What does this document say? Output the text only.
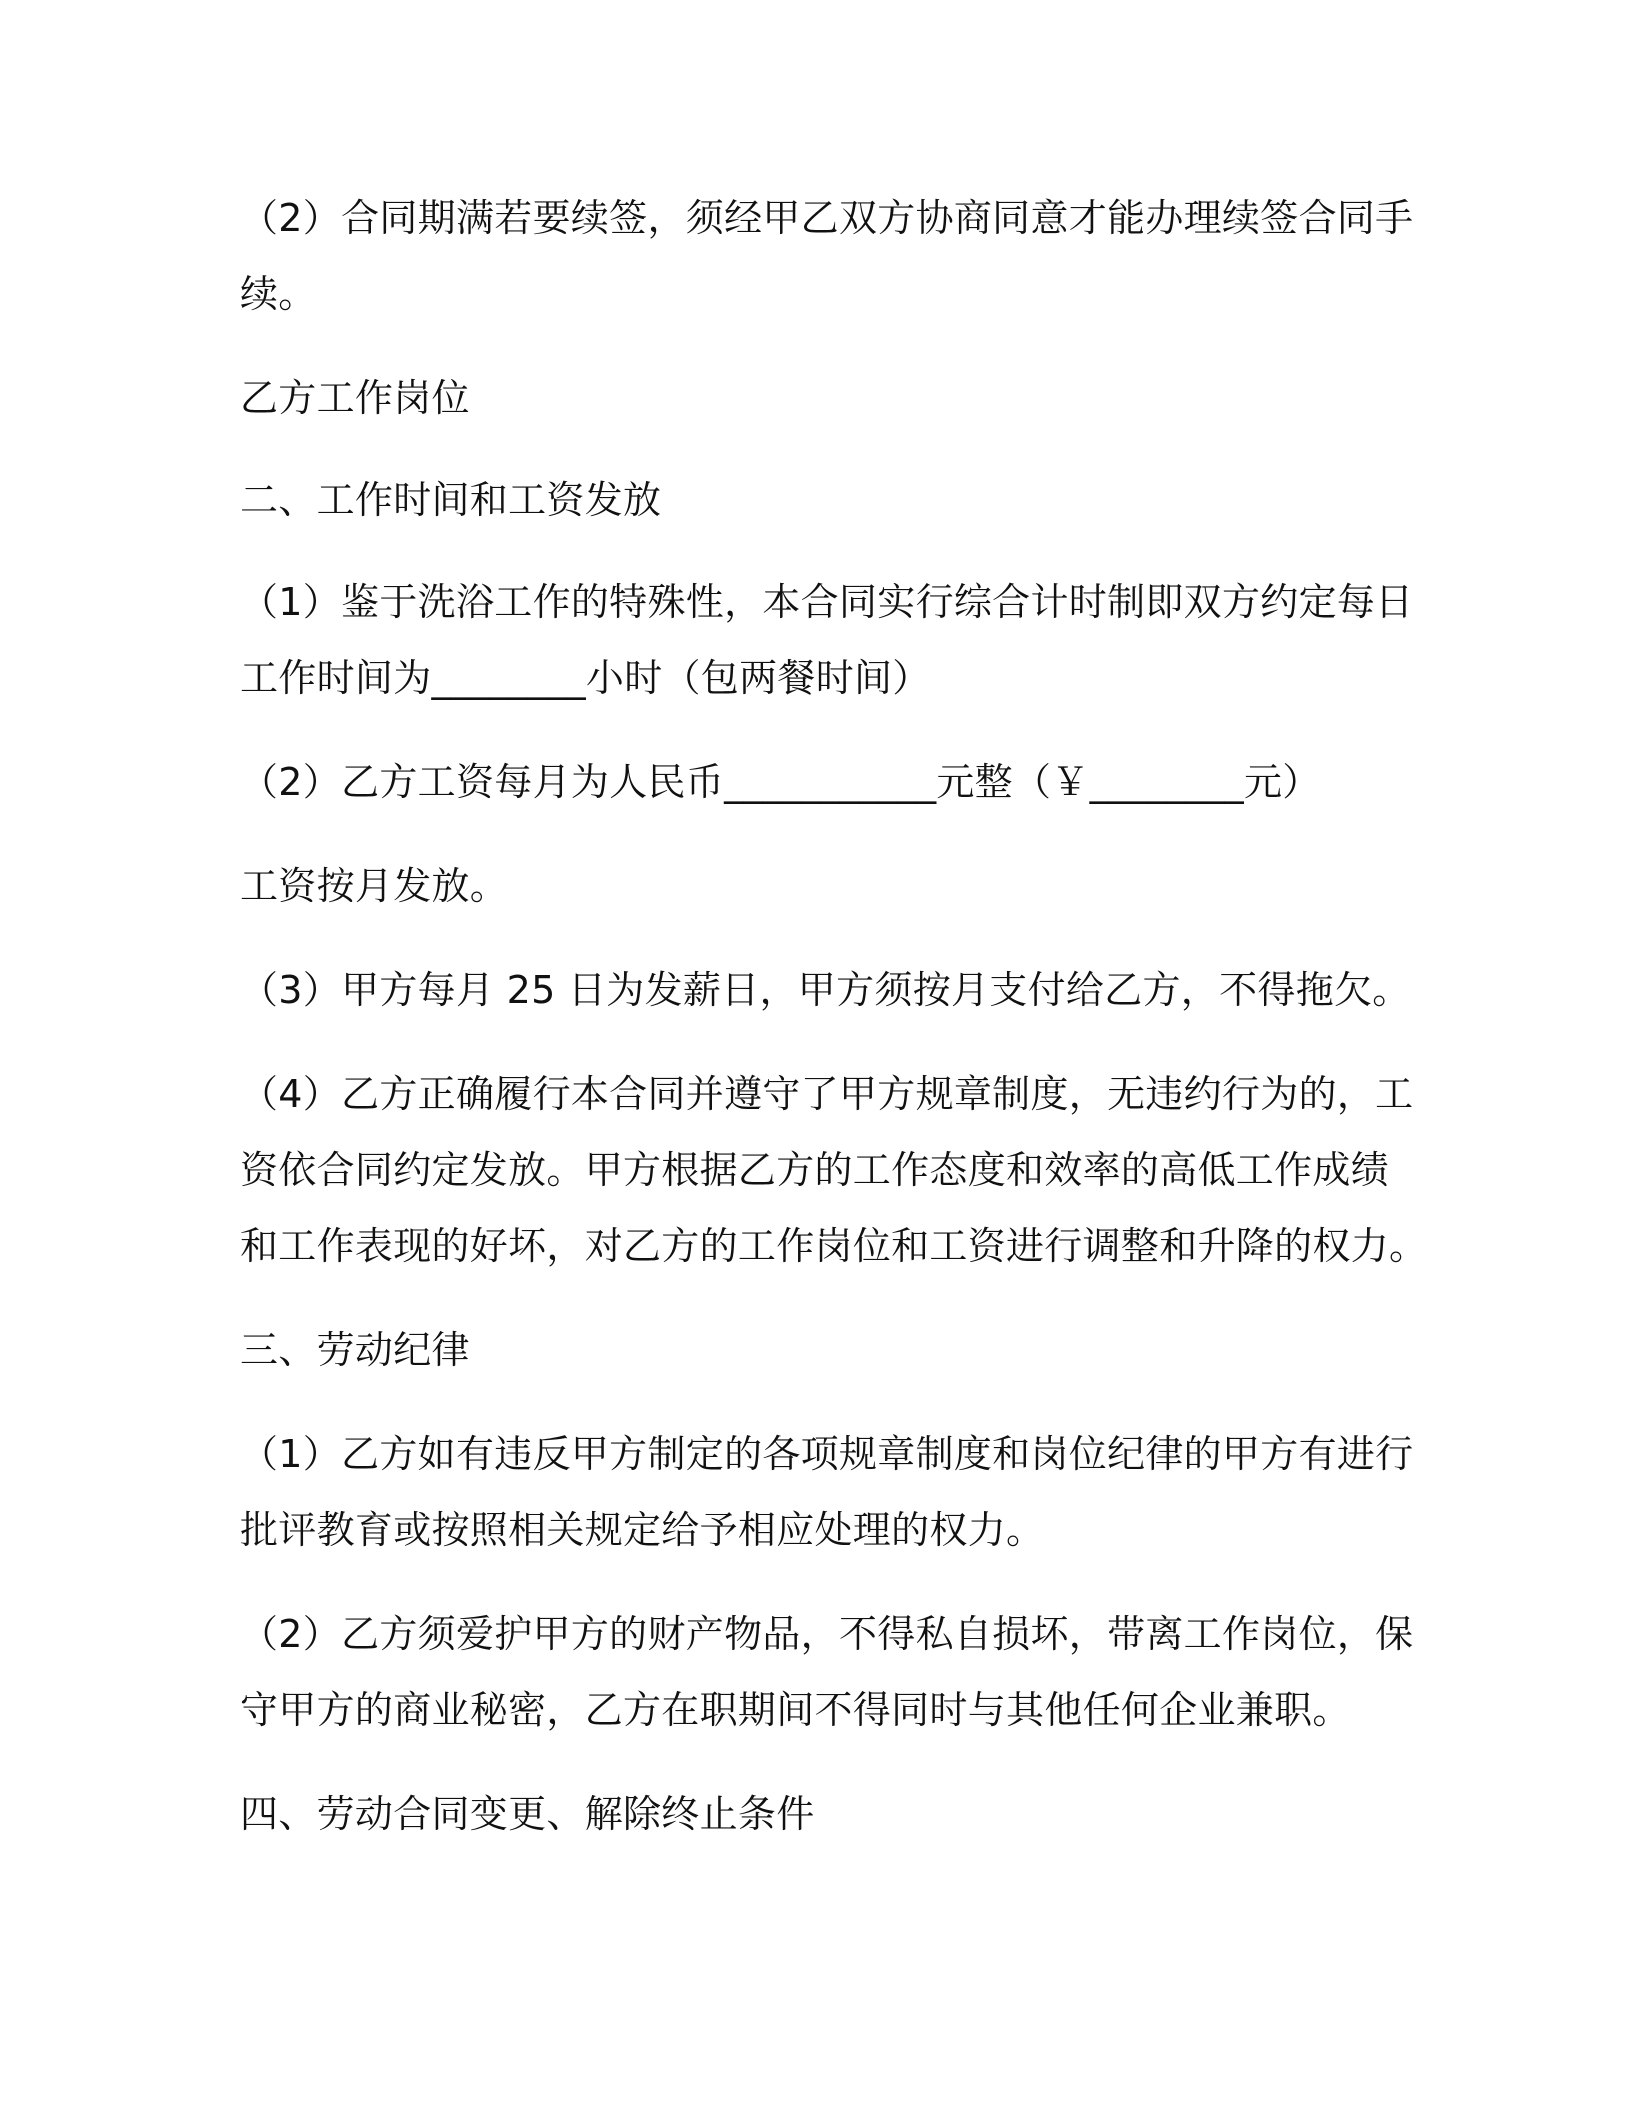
（2）合同期满若要续签，须经甲乙双方协商同意才能办理续签合同手
续。
乙方工作岗位
二、工作时间和工资发放
（1）鉴于洗浴工作的特殊性，本合同实行综合计时制即双方约定每日
工作时间为________小时（包两餐时间）
（2）乙方工资每月为人民币___________元整（￥________元）
工资按月发放。
（3）甲方每月 25 日为发薪日，甲方须按月支付给乙方，不得拖欠。
（4）乙方正确履行本合同并遵守了甲方规章制度，无违约行为的，工
资依合同约定发放。甲方根据乙方的工作态度和效率的高低工作成绩
和工作表现的好坏，对乙方的工作岗位和工资进行调整和升降的权力。
三、劳动纪律
（1）乙方如有违反甲方制定的各项规章制度和岗位纪律的甲方有进行
批评教育或按照相关规定给予相应处理的权力。
（2）乙方须爱护甲方的财产物品，不得私自损坏，带离工作岗位，保
守甲方的商业秘密，乙方在职期间不得同时与其他任何企业兼职。
四、劳动合同变更、解除终止条件
